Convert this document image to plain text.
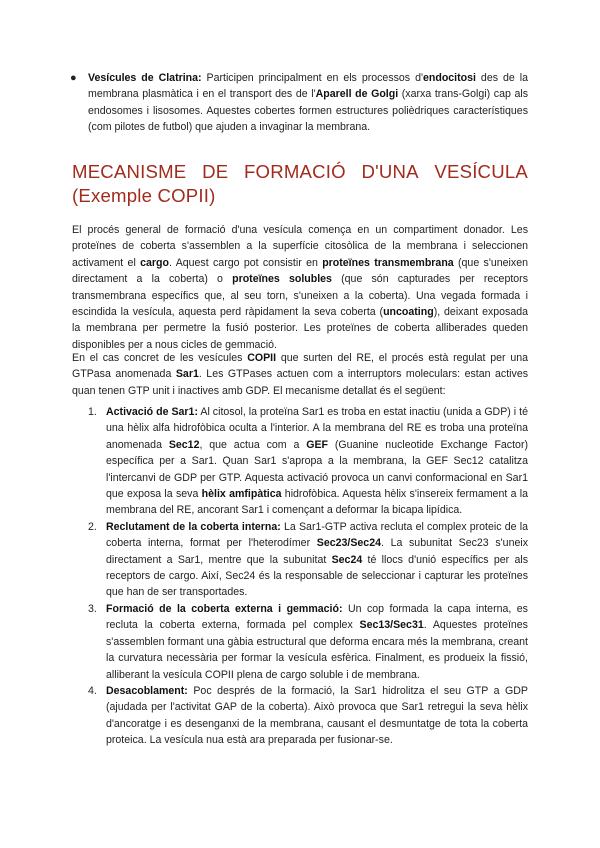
● Vesícules de Clatrina: Participen principalment en els processos d'endocitosi des de la membrana plasmàtica i en el transport des de l'Aparell de Golgi (xarxa trans-Golgi) cap als endosomes i lisosomes. Aquestes cobertes formen estructures polièdriques característiques (com pilotes de futbol) que ajuden a invaginar la membrana.

MECANISME DE FORMACIÓ D'UNA VESÍCULA
(Exemple COPII)

El procés general de formació d'una vesícula comença en un compartiment donador. Les proteïnes de coberta s'assemblen a la superfície citosòlica de la membrana i seleccionen activament el cargo. Aquest cargo pot consistir en proteïnes transmembrana (que s'uneixen directament a la coberta) o proteïnes solubles (que són capturades per receptors transmembrana específics que, al seu torn, s'uneixen a la coberta). Una vegada formada i escindida la vesícula, aquesta perd ràpidament la seva coberta (uncoating), deixant exposada la membrana per permetre la fusió posterior. Les proteïnes de coberta alliberades queden disponibles per a nous cicles de gemmació.

En el cas concret de les vesícules COPII que surten del RE, el procés està regulat per una GTPasa anomenada Sar1. Les GTPases actuen com a interruptors moleculars: estan actives quan tenen GTP unit i inactives amb GDP. El mecanisme detallat és el següent:

1. Activació de Sar1: Al citosol, la proteïna Sar1 es troba en estat inactiu (unida a GDP) i té una hèlix alfa hidrofòbica oculta a l'interior. A la membrana del RE es troba una proteïna anomenada Sec12, que actua com a GEF (Guanine nucleotide Exchange Factor) específica per a Sar1. Quan Sar1 s'apropa a la membrana, la GEF Sec12 catalitza l'intercanvi de GDP per GTP. Aquesta activació provoca un canvi conformacional en Sar1 que exposa la seva hèlix amfipàtica hidrofòbica. Aquesta hèlix s'insereix fermament a la membrana del RE, ancorant Sar1 i començant a deformar la bicapa lipídica.

2. Reclutament de la coberta interna: La Sar1-GTP activa recluta el complex proteic de la coberta interna, format per l'heterodímer Sec23/Sec24. La subunitat Sec23 s'uneix directament a Sar1, mentre que la subunitat Sec24 té llocs d'unió específics per als receptors de cargo. Així, Sec24 és la responsable de seleccionar i capturar les proteïnes que han de ser transportades.

3. Formació de la coberta externa i gemmació: Un cop formada la capa interna, es recluta la coberta externa, formada pel complex Sec13/Sec31. Aquestes proteïnes s'assemblen formant una gàbia estructural que deforma encara més la membrana, creant la curvatura necessària per formar la vesícula esfèrica. Finalment, es produeix la fissió, alliberant la vesícula COPII plena de cargo soluble i de membrana.

4. Desacoblament: Poc després de la formació, la Sar1 hidrolitza el seu GTP a GDP (ajudada per l'activitat GAP de la coberta). Això provoca que Sar1 retregui la seva hèlix d'ancoratge i es desenganxi de la membrana, causant el desmuntatge de tota la coberta proteica. La vesícula nua està ara preparada per fusionar-se.
